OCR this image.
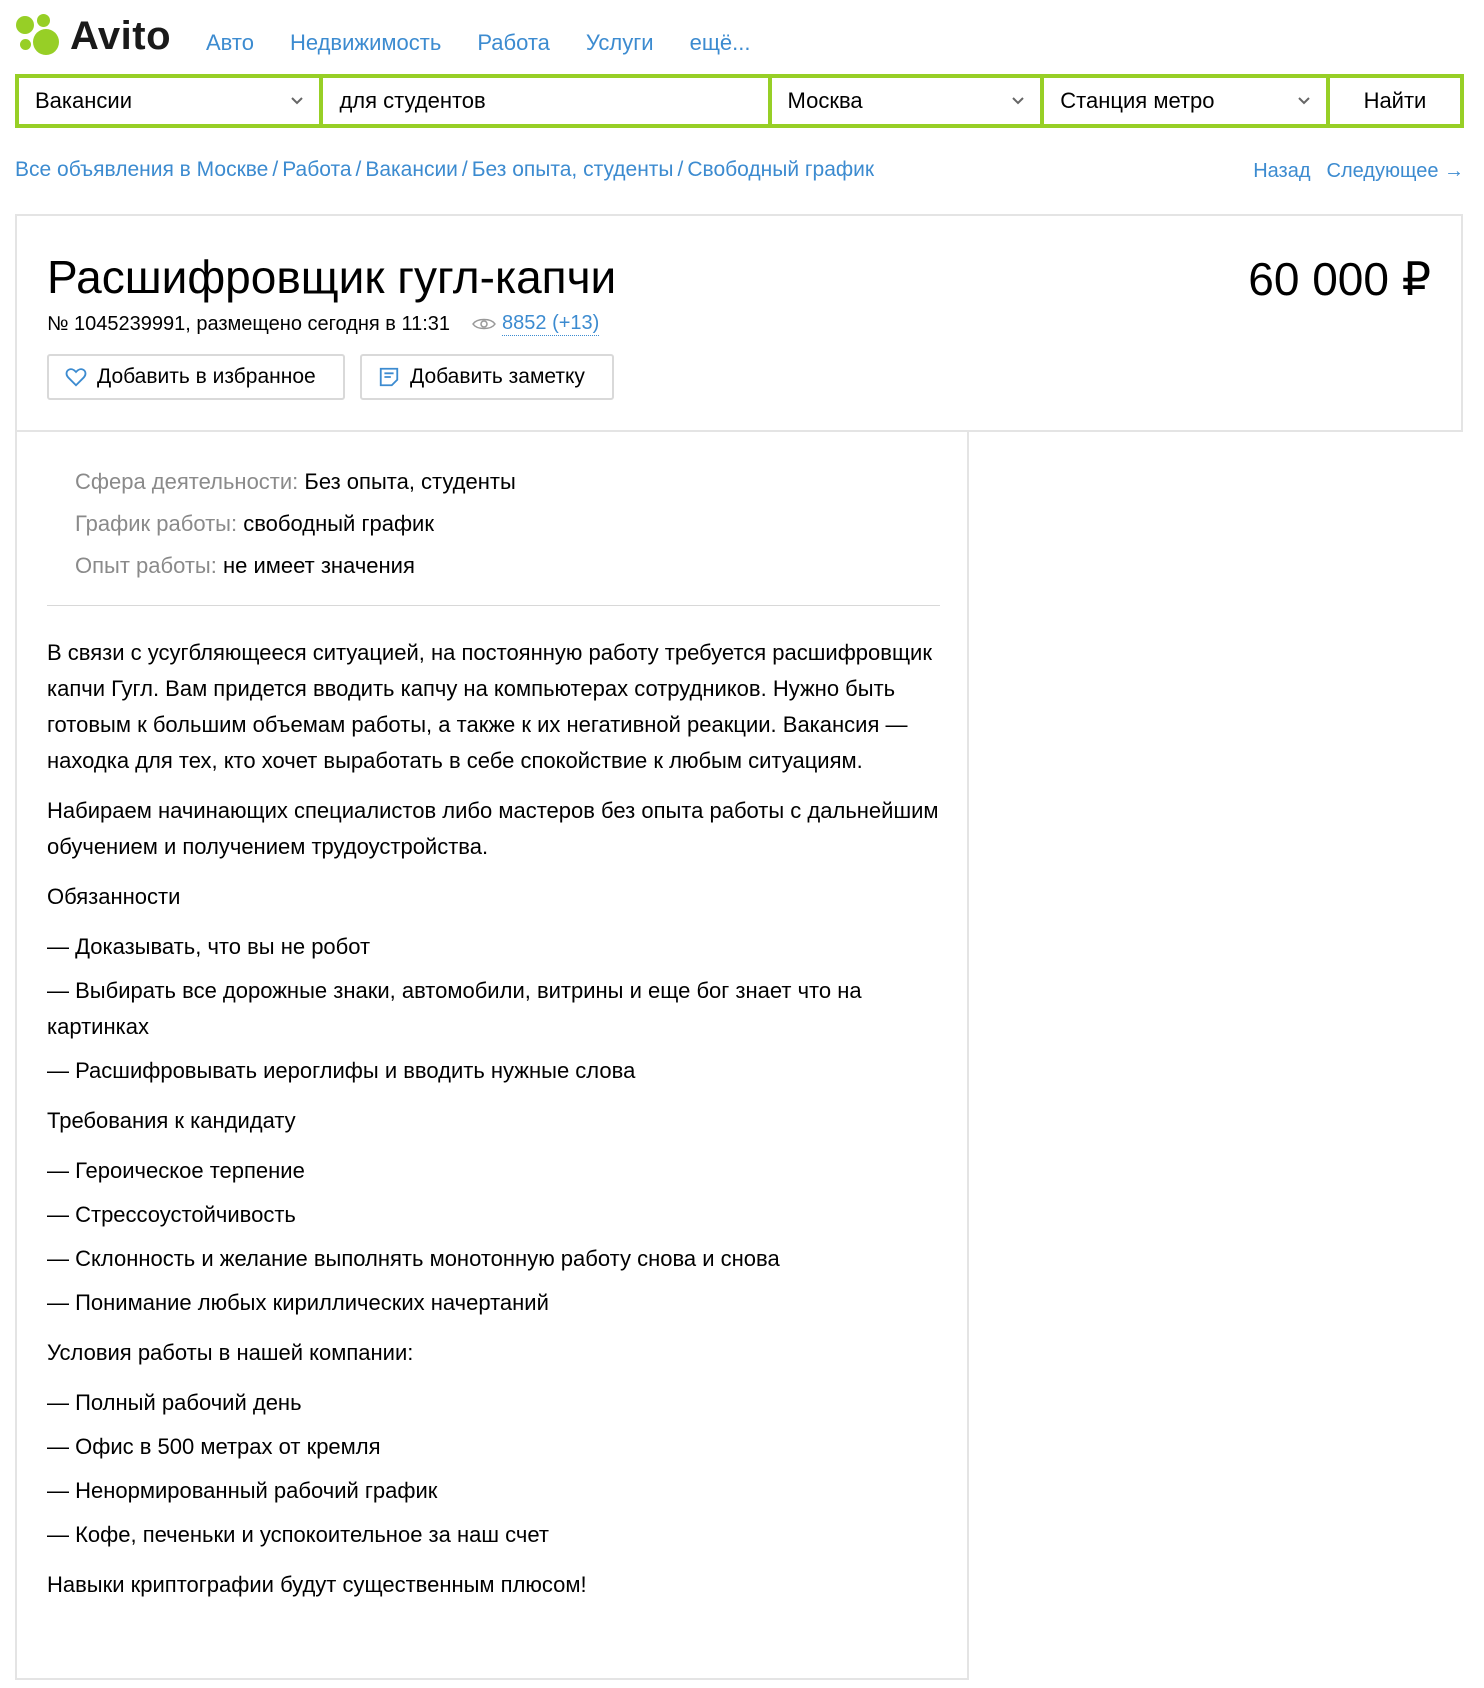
Avito Авто Недвижимость Работа Услуги ещё...
Вакансии	для студентов	Москва	Станция метро	Найти
Все объявления в Москве / Работа / Вакансии / Без опыта, студенты / Свободный график	Назад Следующее →
Расшифровщик гугл-капчи	60 000 ₽
№ 1045239991, размещено сегодня в 11:31	8852 (+13)
Добавить в избранное	Добавить заметку
Сфера деятельности: Без опыта, студенты
График работы: свободный график
Опыт работы: не имеет значения

В связи с усугбляющееся ситуацией, на постоянную работу требуется расшифровщик капчи Гугл. Вам придется вводить капчу на компьютерах сотрудников. Нужно быть готовым к большим объемам работы, а также к их негативной реакции. Вакансия — находка для тех, кто хочет выработать в себе спокойствие к любым ситуациям.

Набираем начинающих специалистов либо мастеров без опыта работы с дальнейшим обучением и получением трудоустройства.

Обязанности

— Доказывать, что вы не робот
— Выбирать все дорожные знаки, автомобили, витрины и еще бог знает что на картинках

— Расшифровывать иероглифы и вводить нужные слова

Требования к кандидату

— Героическое терпение
— Стрессоустойчивость
— Склонность и желание выполнять монотонную работу снова и снова

— Понимание любых кириллических начертаний

Условия работы в нашей компании:

— Полный рабочий день
— Офис в 500 метрах от кремля
— Ненормированный рабочий график

— Кофе, печеньки и успокоительное за наш счет

Навыки криптографии будут существенным плюсом!
